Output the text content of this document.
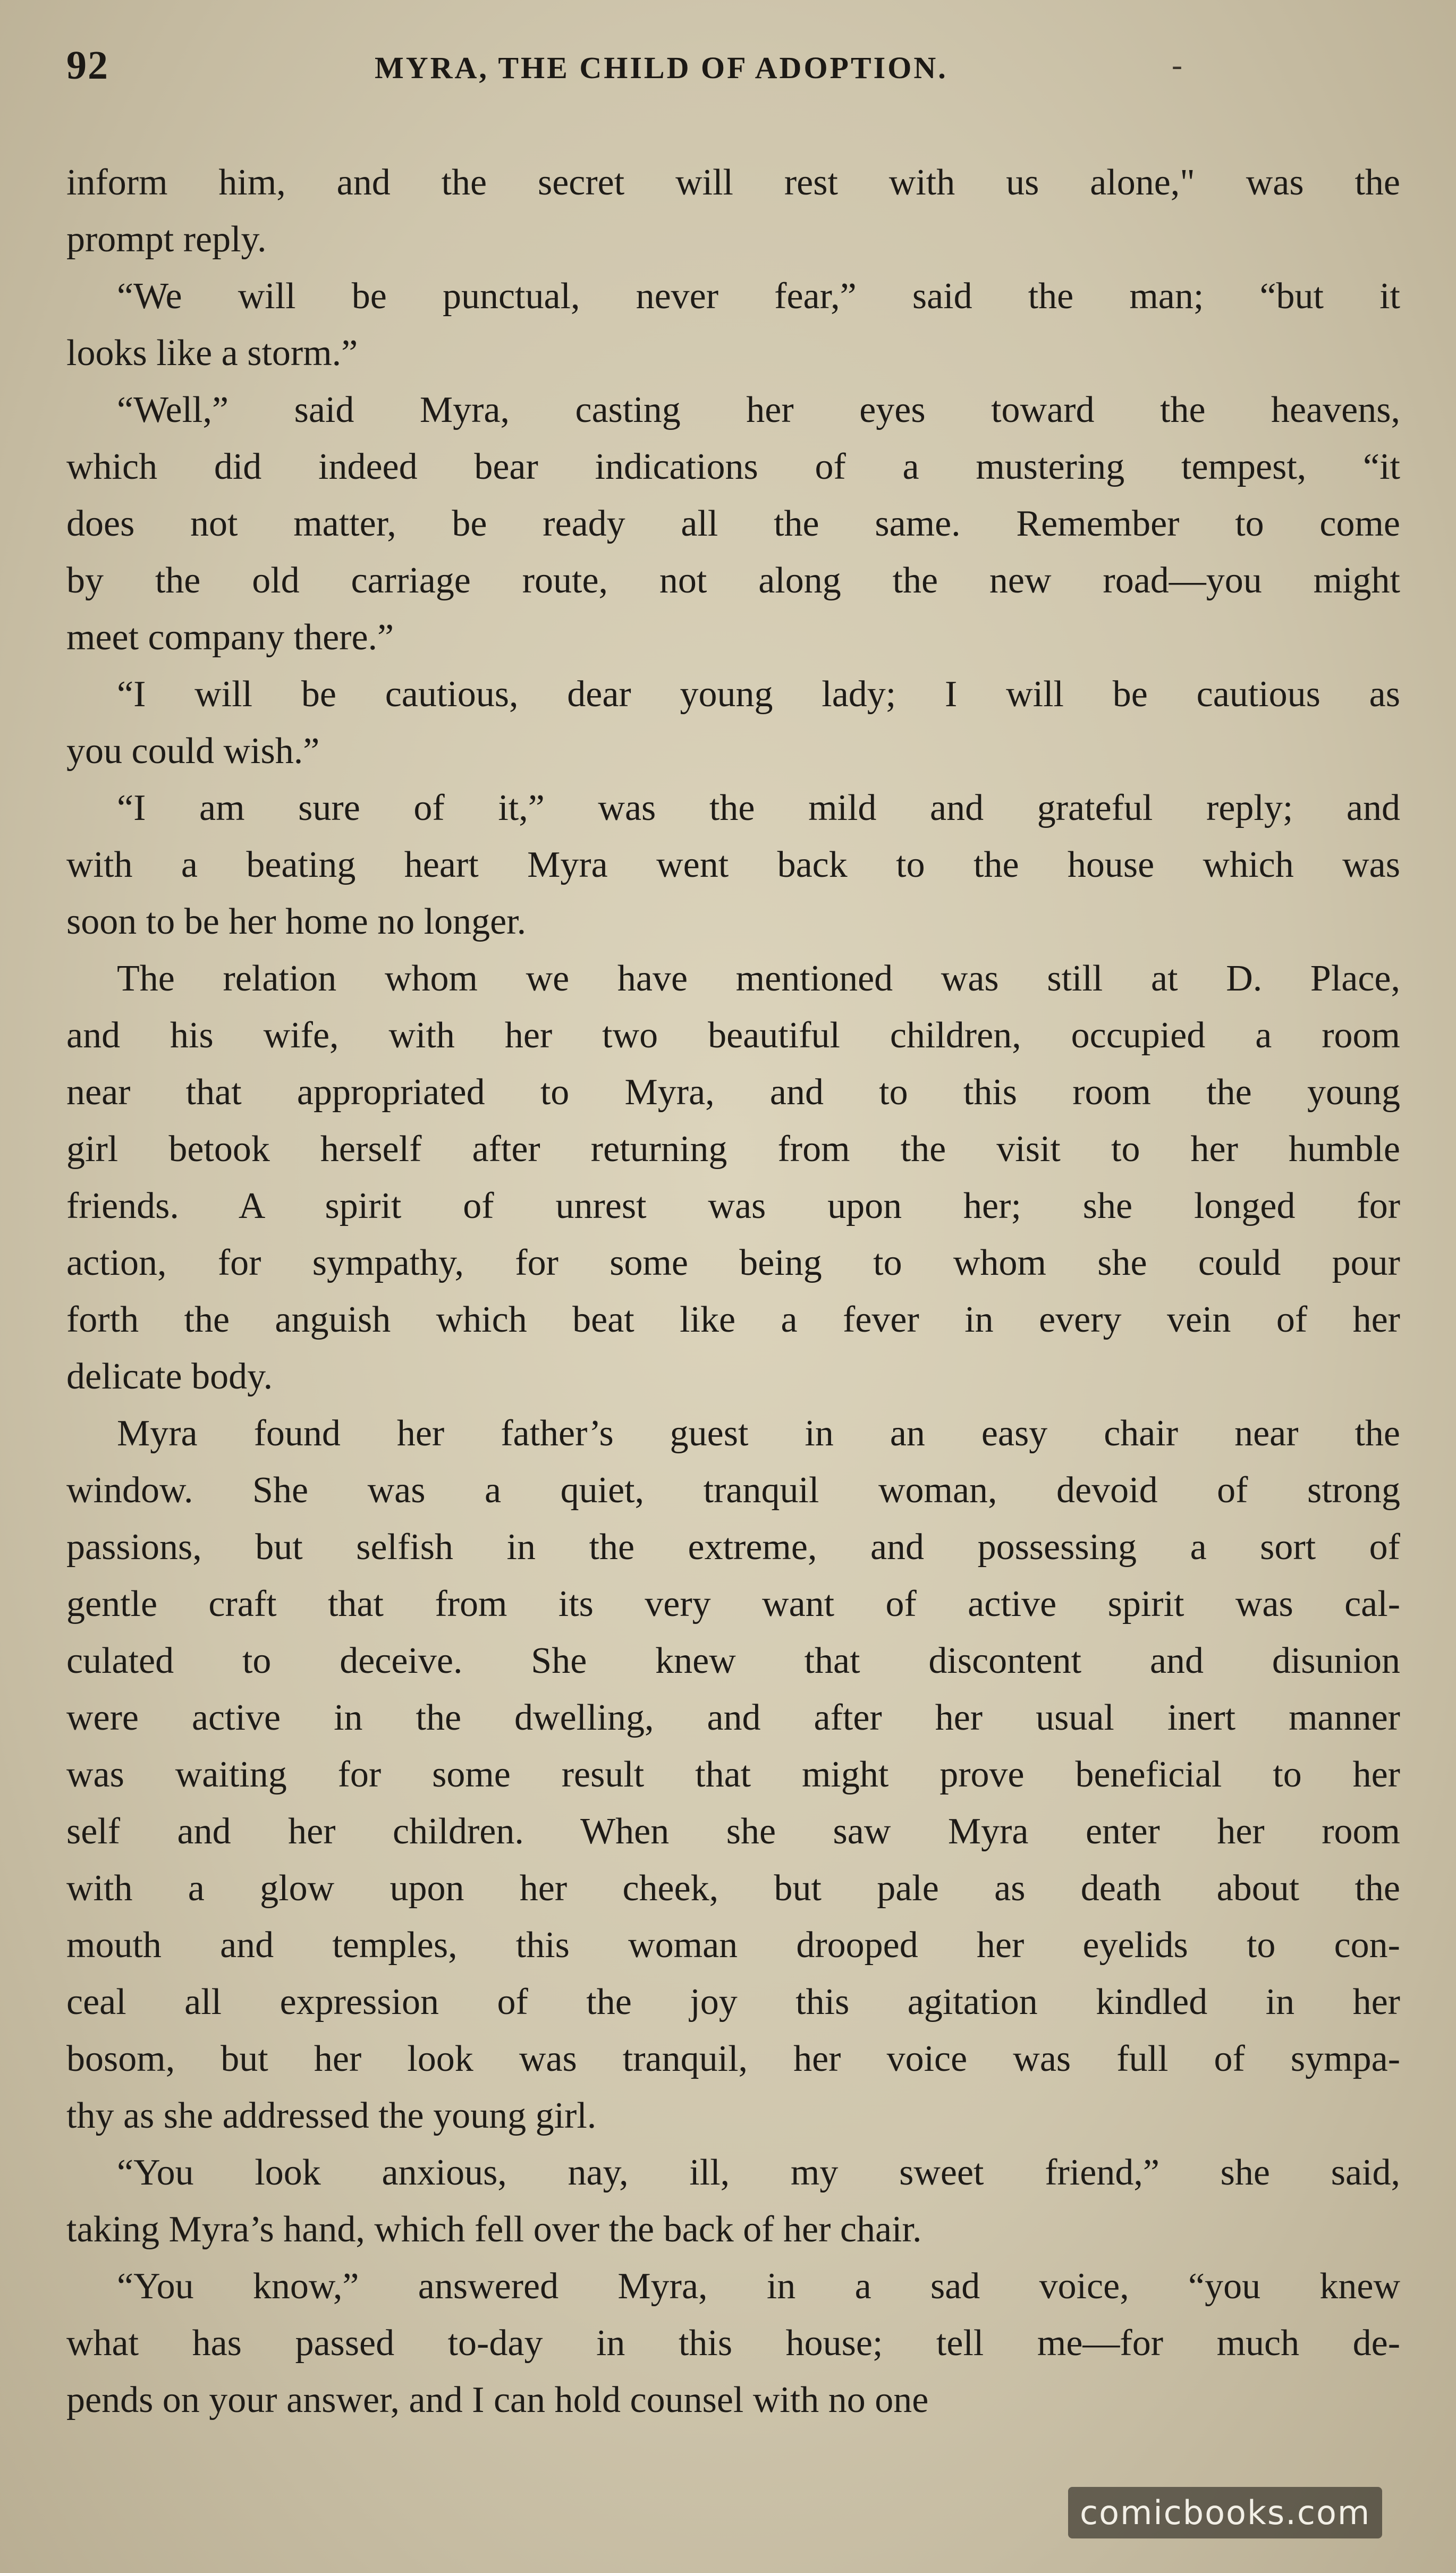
92	MYRA, THE CHILD OF ADOPTION.	‐
inform him, and the secret will rest with us alone," was the
prompt reply.
“We will be punctual, never fear,” said the man; “but it
looks like a storm.”
“Well,” said Myra, casting her eyes toward the heavens,
which did indeed bear indications of a mustering tempest, “it
does not matter, be ready all the same. Remember to come
by the old carriage route, not along the new road—you might
meet company there.”
“I will be cautious, dear young lady; I will be cautious as
you could wish.”
“I am sure of it,” was the mild and grateful reply; and
with a beating heart Myra went back to the house which was
soon to be her home no longer.
The relation whom we have mentioned was still at D. Place,
and his wife, with her two beautiful children, occupied a room
near that appropriated to Myra, and to this room the young
girl betook herself after returning from the visit to her humble
friends. A spirit of unrest was upon her; she longed for
action, for sympathy, for some being to whom she could pour
forth the anguish which beat like a fever in every vein of her
delicate body.
Myra found her father’s guest in an easy chair near the
window. She was a quiet, tranquil woman, devoid of strong
passions, but selfish in the extreme, and possessing a sort of
gentle craft that from its very want of active spirit was cal-
culated to deceive. She knew that discontent and disunion
were active in the dwelling, and after her usual inert manner
was waiting for some result that might prove beneficial to her
self and her children. When she saw Myra enter her room
with a glow upon her cheek, but pale as death about the
mouth and temples, this woman drooped her eyelids to con-
ceal all expression of the joy this agitation kindled in her
bosom, but her look was tranquil, her voice was full of sympa-
thy as she addressed the young girl.
“You look anxious, nay, ill, my sweet friend,” she said,
taking Myra’s hand, which fell over the back of her chair.
“You know,” answered Myra, in a sad voice, “you knew
what has passed to-day in this house; tell me—for much de-
pends on your answer, and I can hold counsel with no one
comicbooks.com
